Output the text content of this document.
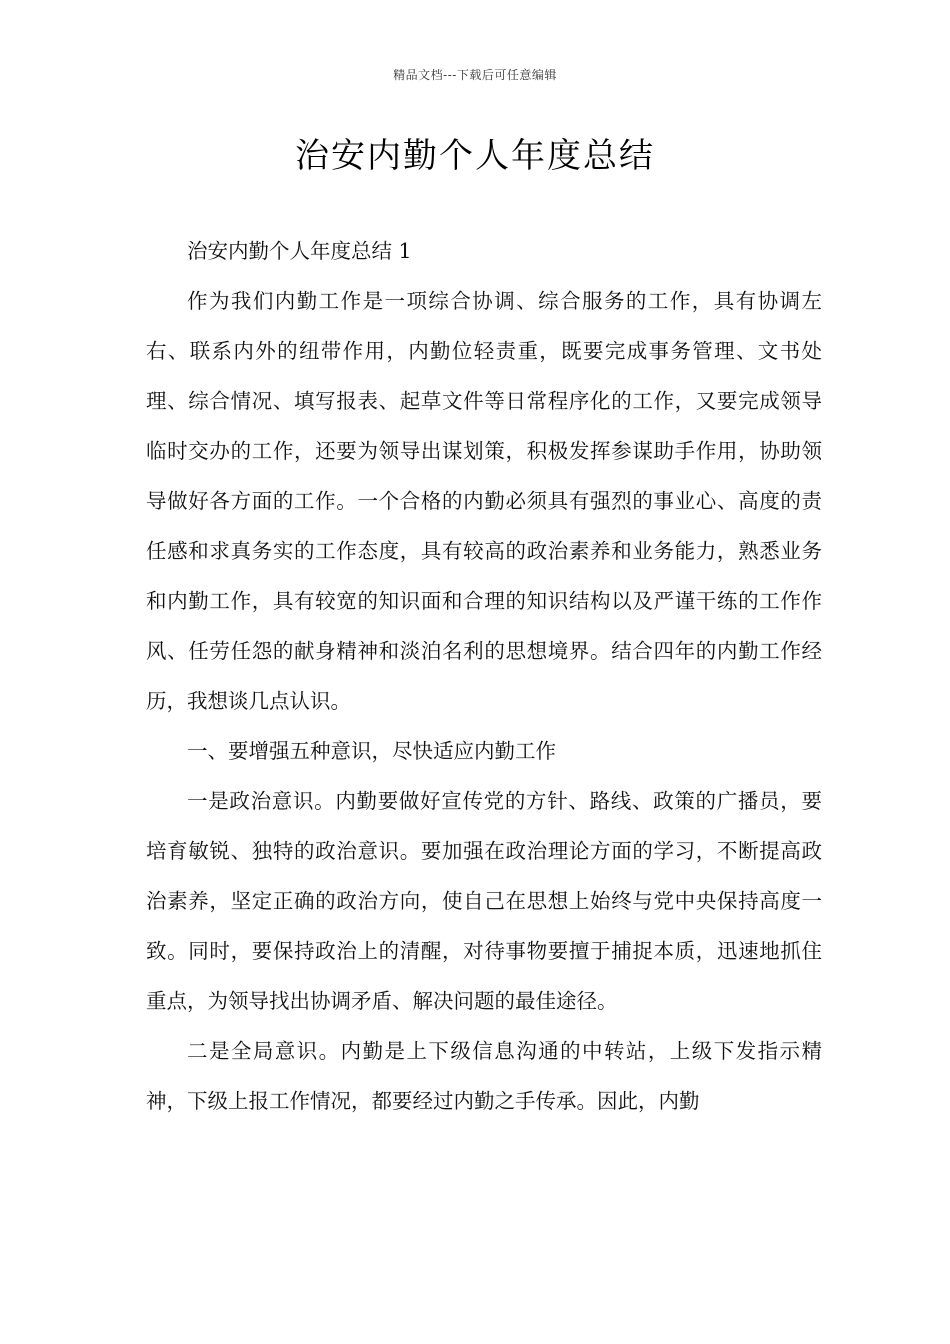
精品文档---下载后可任意编辑
治安内勤个人年度总结

治安内勤个人年度总结 1

作为我们内勤工作是一项综合协调、综合服务的工作，具有协调左右、联系内外的纽带作用，内勤位轻责重，既要完成事务管理、文书处理、综合情况、填写报表、起草文件等日常程序化的工作，又要完成领导临时交办的工作，还要为领导出谋划策，积极发挥参谋助手作用，协助领导做好各方面的工作。一个合格的内勤必须具有强烈的事业心、高度的责任感和求真务实的工作态度，具有较高的政治素养和业务能力，熟悉业务和内勤工作，具有较宽的知识面和合理的知识结构以及严谨干练的工作作风、任劳任怨的献身精神和淡泊名利的思想境界。结合四年的内勤工作经历，我想谈几点认识。

一、要增强五种意识，尽快适应内勤工作

一是政治意识。内勤要做好宣传党的方针、路线、政策的广播员，要培育敏锐、独特的政治意识。要加强在政治理论方面的学习，不断提高政治素养，坚定正确的政治方向，使自己在思想上始终与党中央保持高度一致。同时，要保持政治上的清醒，对待事物要擅于捕捉本质，迅速地抓住重点，为领导找出协调矛盾、解决问题的最佳途径。

二是全局意识。内勤是上下级信息沟通的中转站，上级下发指示精神，下级上报工作情况，都要经过内勤之手传承。因此，内勤
